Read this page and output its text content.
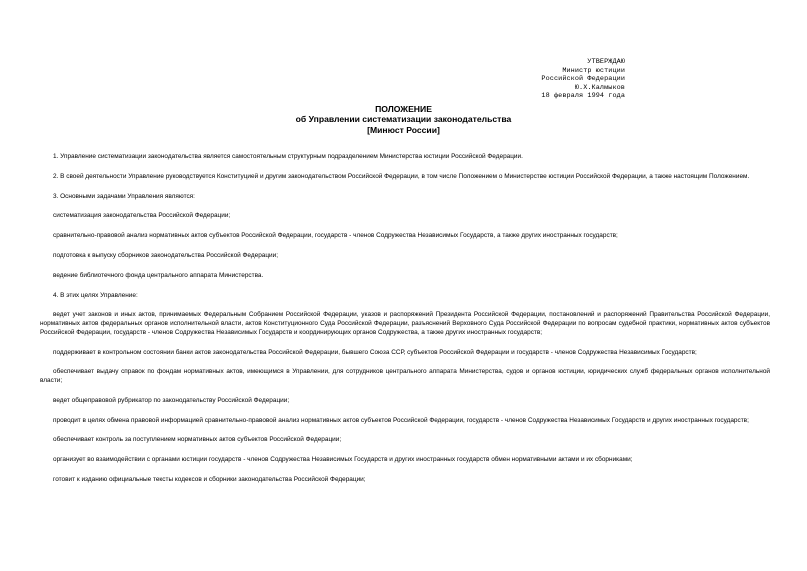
УТВЕРЖДАЮ
Министр юстиции
Российской Федерации
Ю.Х.Калмыков
18 февраля 1994 года
ПОЛОЖЕНИЕ
об Управлении систематизации законодательства
[Минюст России]

1. Управление систематизации законодательства является самостоятельным структурным подразделением Министерства юстиции Российской Федерации.

2. В своей деятельности Управление руководствуется Конституцией и другим законодательством Российской Федерации, в том числе Положением о Министерстве юстиции Российской Федерации, а также настоящим Положением.

3. Основными задачами Управления являются:

систематизация законодательства Российской Федерации;

сравнительно-правовой анализ нормативных актов субъектов Российской Федерации, государств - членов Содружества Независимых Государств, а также других иностранных государств;

подготовка к выпуску сборников законодательства Российской Федерации;

ведение библиотечного фонда центрального аппарата Министерства.

4. В этих целях Управление:

ведет учет законов и иных актов, принимаемых Федеральным Собранием Российской Федерации, указов и распоряжений Президента Российской Федерации, постановлений и распоряжений Правительства Российской Федерации, нормативных актов федеральных органов исполнительной власти, актов Конституционного Суда Российской Федерации, разъяснений Верховного Суда Российской Федерации по вопросам судебной практики, нормативных актов субъектов Российской Федерации, государств - членов Содружества Независимых Государств и координирующих органов Содружества, а также других иностранных государств;

поддерживает в контрольном состоянии банки актов законодательства Российской Федерации, бывшего Союза ССР, субъектов Российской Федерации и государств - членов Содружества Независимых Государств;

обеспечивает выдачу справок по фондам нормативных актов, имеющимся в Управлении, для сотрудников центрального аппарата Министерства, судов и органов юстиции, юридических служб федеральных органов исполнительной власти;

ведет общеправовой рубрикатор по законодательству Российской Федерации;

проводит в целях обмена правовой информацией сравнительно-правовой анализ нормативных актов субъектов Российской Федерации, государств - членов Содружества Независимых Государств и других иностранных государств;

обеспечивает контроль за поступлением нормативных актов субъектов Российской Федерации;

организует во взаимодействии с органами юстиции государств - членов Содружества Независимых Государств и других иностранных государств обмен нормативными актами и их сборниками;

готовит к изданию официальные тексты кодексов и сборники законодательства Российской Федерации;
